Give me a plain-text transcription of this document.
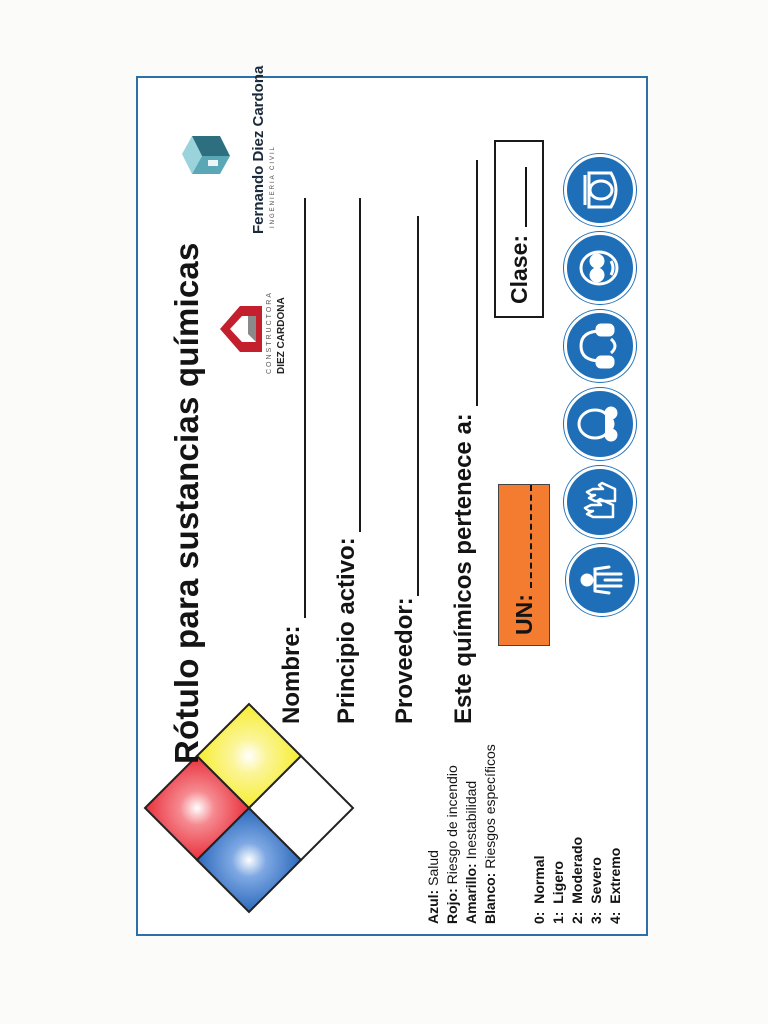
Rótulo para sustancias químicas	Nombre: Principio activo: Proveedor: Este químicos pertenece a: UN:
Clase:
Azul: Salud
Rojo: Riesgo de incendio
Amarillo: Inestabilidad
Blanco: Riesgos específicos
0:  Normal
1:  Ligero
2:  Moderado
3:  Severo
4:  Extremo
CONSTRUCTORA DIEZ CARDONA
Fernando Diez Cardona INGENIERIA CIVIL
